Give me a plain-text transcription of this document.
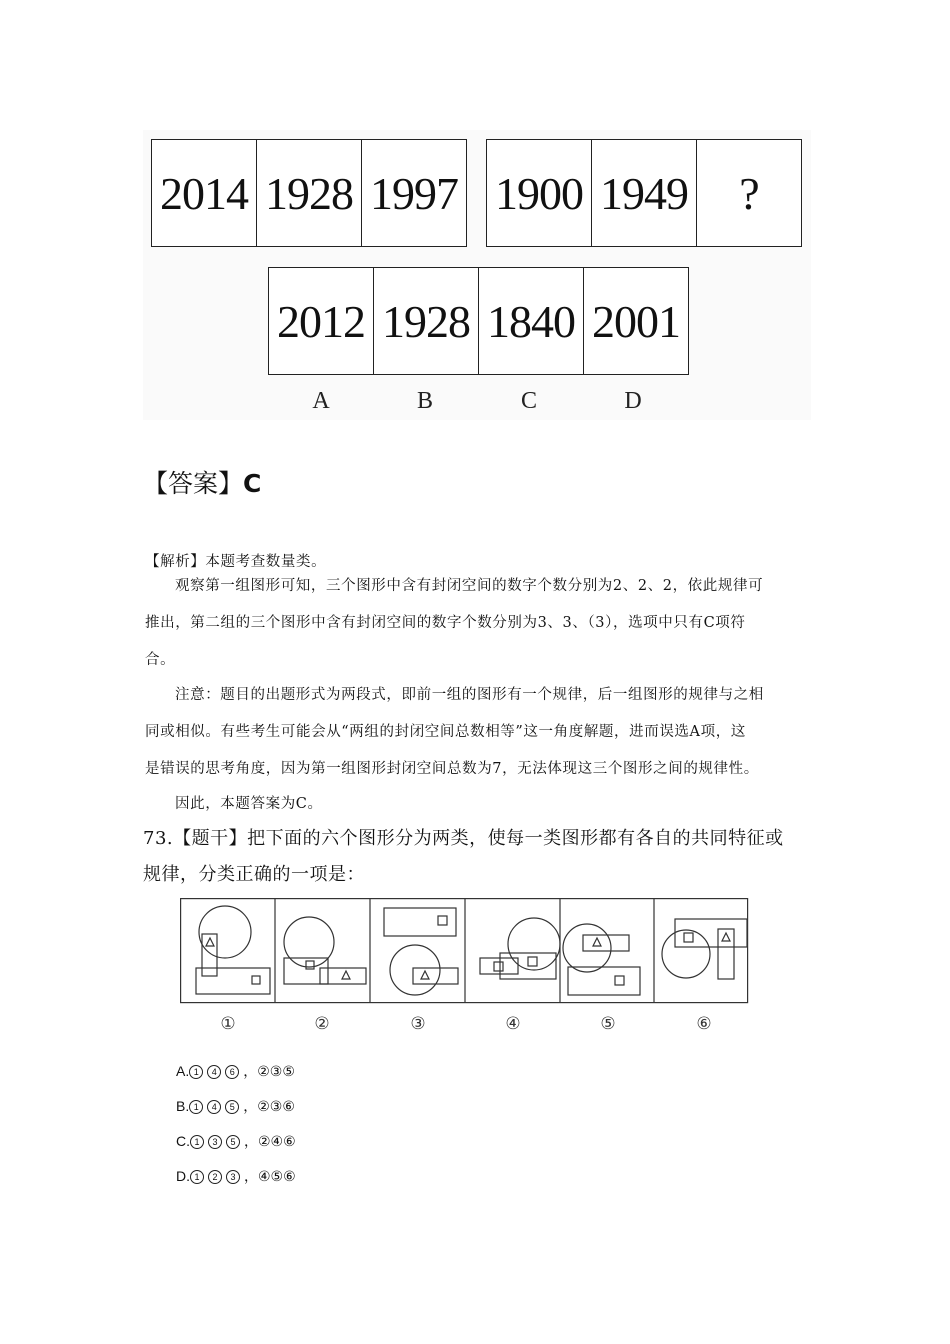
2014 1928 1997 1900 1949	?
2012 1928 1840 2001
A	B	C	D
【答案】C
【解析】本题考查数量类。
观察第一组图形可知，三个图形中含有封闭空间的数字个数分别为2、2、2，依此规律可
推出，第二组的三个图形中含有封闭空间的数字个数分别为3、3、（3），选项中只有C项符
合。
注意：题目的出题形式为两段式，即前一组的图形有一个规律，后一组图形的规律与之相
同或相似。有些考生可能会从“两组的封闭空间总数相等”这一角度解题，进而误选A项，这
是错误的思考角度，因为第一组图形封闭空间总数为7，无法体现这三个图形之间的规律性。
因此，本题答案为C。
73.【题干】把下面的六个图形分为两类，使每一类图形都有各自的共同特征或
规律，分类正确的一项是：
①	②	③	④	⑤	⑥
A. 1 4 6 ，②③⑤
B. 1 4 5 ，②③⑥
C. 1 3 5 ，②④⑥
D. 1 2 3 ，④⑤⑥
